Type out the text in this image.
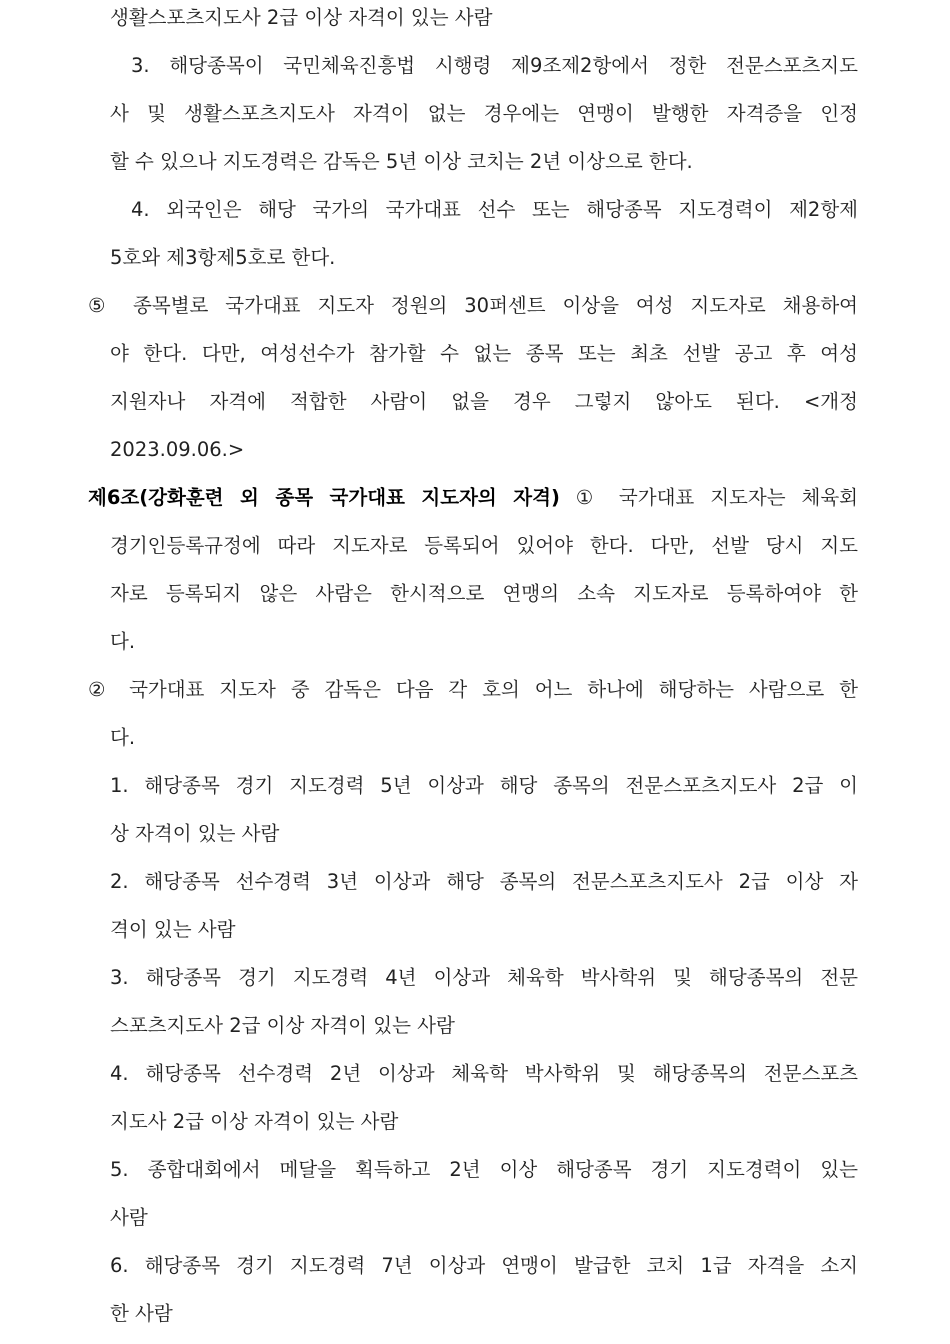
생활스포츠지도사 2급 이상 자격이 있는 사람
3. 해당종목이 국민체육진흥법 시행령 제9조제2항에서 정한 전문스포츠지도
사 및 생활스포츠지도사 자격이 없는 경우에는 연맹이 발행한 자격증을 인정
할 수 있으나 지도경력은 감독은 5년 이상 코치는 2년 이상으로 한다.
4. 외국인은 해당 국가의 국가대표 선수 또는 해당종목 지도경력이 제2항제
5호와 제3항제5호로 한다.
⑤ 종목별로 국가대표 지도자 정원의 30퍼센트 이상을 여성 지도자로 채용하여
야 한다. 다만, 여성선수가 참가할 수 없는 종목 또는 최초 선발 공고 후 여성
지원자나 자격에 적합한 사람이 없을 경우 그렇지 않아도 된다. <개정
2023.09.06.>
제6조(강화훈련 외 종목 국가대표 지도자의 자격) ① 국가대표 지도자는 체육회
경기인등록규정에 따라 지도자로 등록되어 있어야 한다. 다만, 선발 당시 지도
자로 등록되지 않은 사람은 한시적으로 연맹의 소속 지도자로 등록하여야 한
다.
② 국가대표 지도자 중 감독은 다음 각 호의 어느 하나에 해당하는 사람으로 한
다.
1. 해당종목 경기 지도경력 5년 이상과 해당 종목의 전문스포츠지도사 2급 이
상 자격이 있는 사람
2. 해당종목 선수경력 3년 이상과 해당 종목의 전문스포츠지도사 2급 이상 자
격이 있는 사람
3. 해당종목 경기 지도경력 4년 이상과 체육학 박사학위 및 해당종목의 전문
스포츠지도사 2급 이상 자격이 있는 사람
4. 해당종목 선수경력 2년 이상과 체육학 박사학위 및 해당종목의 전문스포츠
지도사 2급 이상 자격이 있는 사람
5. 종합대회에서 메달을 획득하고 2년 이상 해당종목 경기 지도경력이 있는
사람
6. 해당종목 경기 지도경력 7년 이상과 연맹이 발급한 코치 1급 자격을 소지
한 사람
